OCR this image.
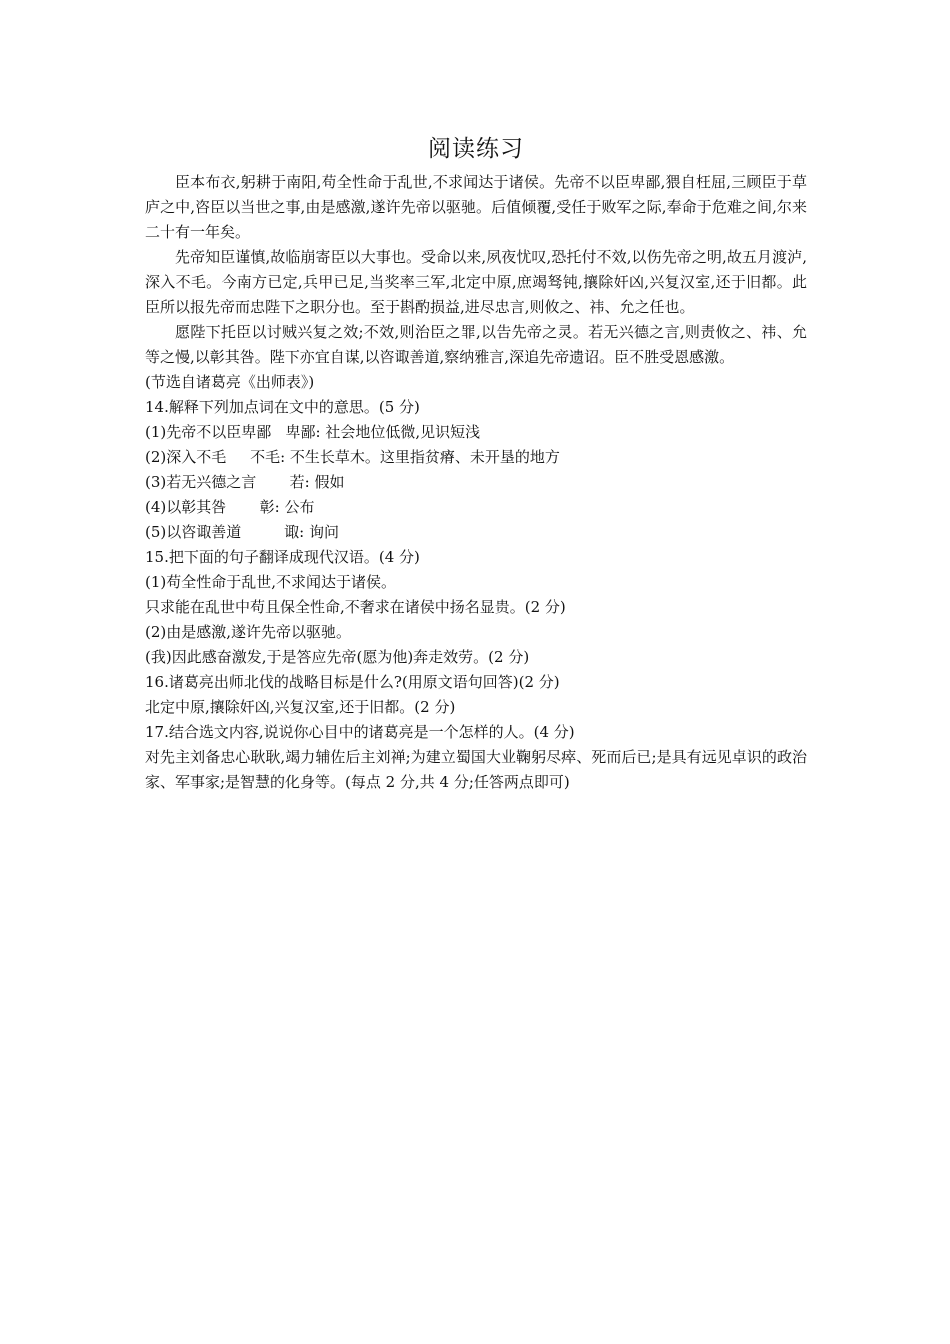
阅读练习

臣本布衣,躬耕于南阳,苟全性命于乱世,不求闻达于诸侯。先帝不以臣卑鄙,猥自枉屈,三顾臣于草庐之中,咨臣以当世之事,由是感激,遂许先帝以驱驰。后值倾覆,受任于败军之际,奉命于危难之间,尔来二十有一年矣。

先帝知臣谨慎,故临崩寄臣以大事也。受命以来,夙夜忧叹,恐托付不效,以伤先帝之明,故五月渡泸,深入不毛。今南方已定,兵甲已足,当奖率三军,北定中原,庶竭驽钝,攘除奸凶,兴复汉室,还于旧都。此臣所以报先帝而忠陛下之职分也。至于斟酌损益,进尽忠言,则攸之、祎、允之任也。

愿陛下托臣以讨贼兴复之效;不效,则治臣之罪,以告先帝之灵。若无兴德之言,则责攸之、祎、允等之慢,以彰其咎。陛下亦宜自谋,以咨诹善道,察纳雅言,深追先帝遗诏。臣不胜受恩感激。

(节选自诸葛亮《出师表》)

14.解释下列加点词在文中的意思。(5 分)

(1)先帝不以臣卑鄙   卑鄙: 社会地位低微,见识短浅

(2)深入不毛     不毛: 不生长草木。这里指贫瘠、未开垦的地方

(3)若无兴德之言       若: 假如

(4)以彰其咎       彰: 公布

(5)以咨诹善道         诹: 询问

15.把下面的句子翻译成现代汉语。(4 分)

(1)苟全性命于乱世,不求闻达于诸侯。

只求能在乱世中苟且保全性命,不奢求在诸侯中扬名显贵。(2 分)

(2)由是感激,遂许先帝以驱驰。

(我)因此感奋激发,于是答应先帝(愿为他)奔走效劳。(2 分)

16.诸葛亮出师北伐的战略目标是什么?(用原文语句回答)(2 分)

北定中原,攘除奸凶,兴复汉室,还于旧都。(2 分)

17.结合选文内容,说说你心目中的诸葛亮是一个怎样的人。(4 分)

对先主刘备忠心耿耿,竭力辅佐后主刘禅;为建立蜀国大业鞠躬尽瘁、死而后已;是具有远见卓识的政治家、军事家;是智慧的化身等。(每点 2 分,共 4 分;任答两点即可)
